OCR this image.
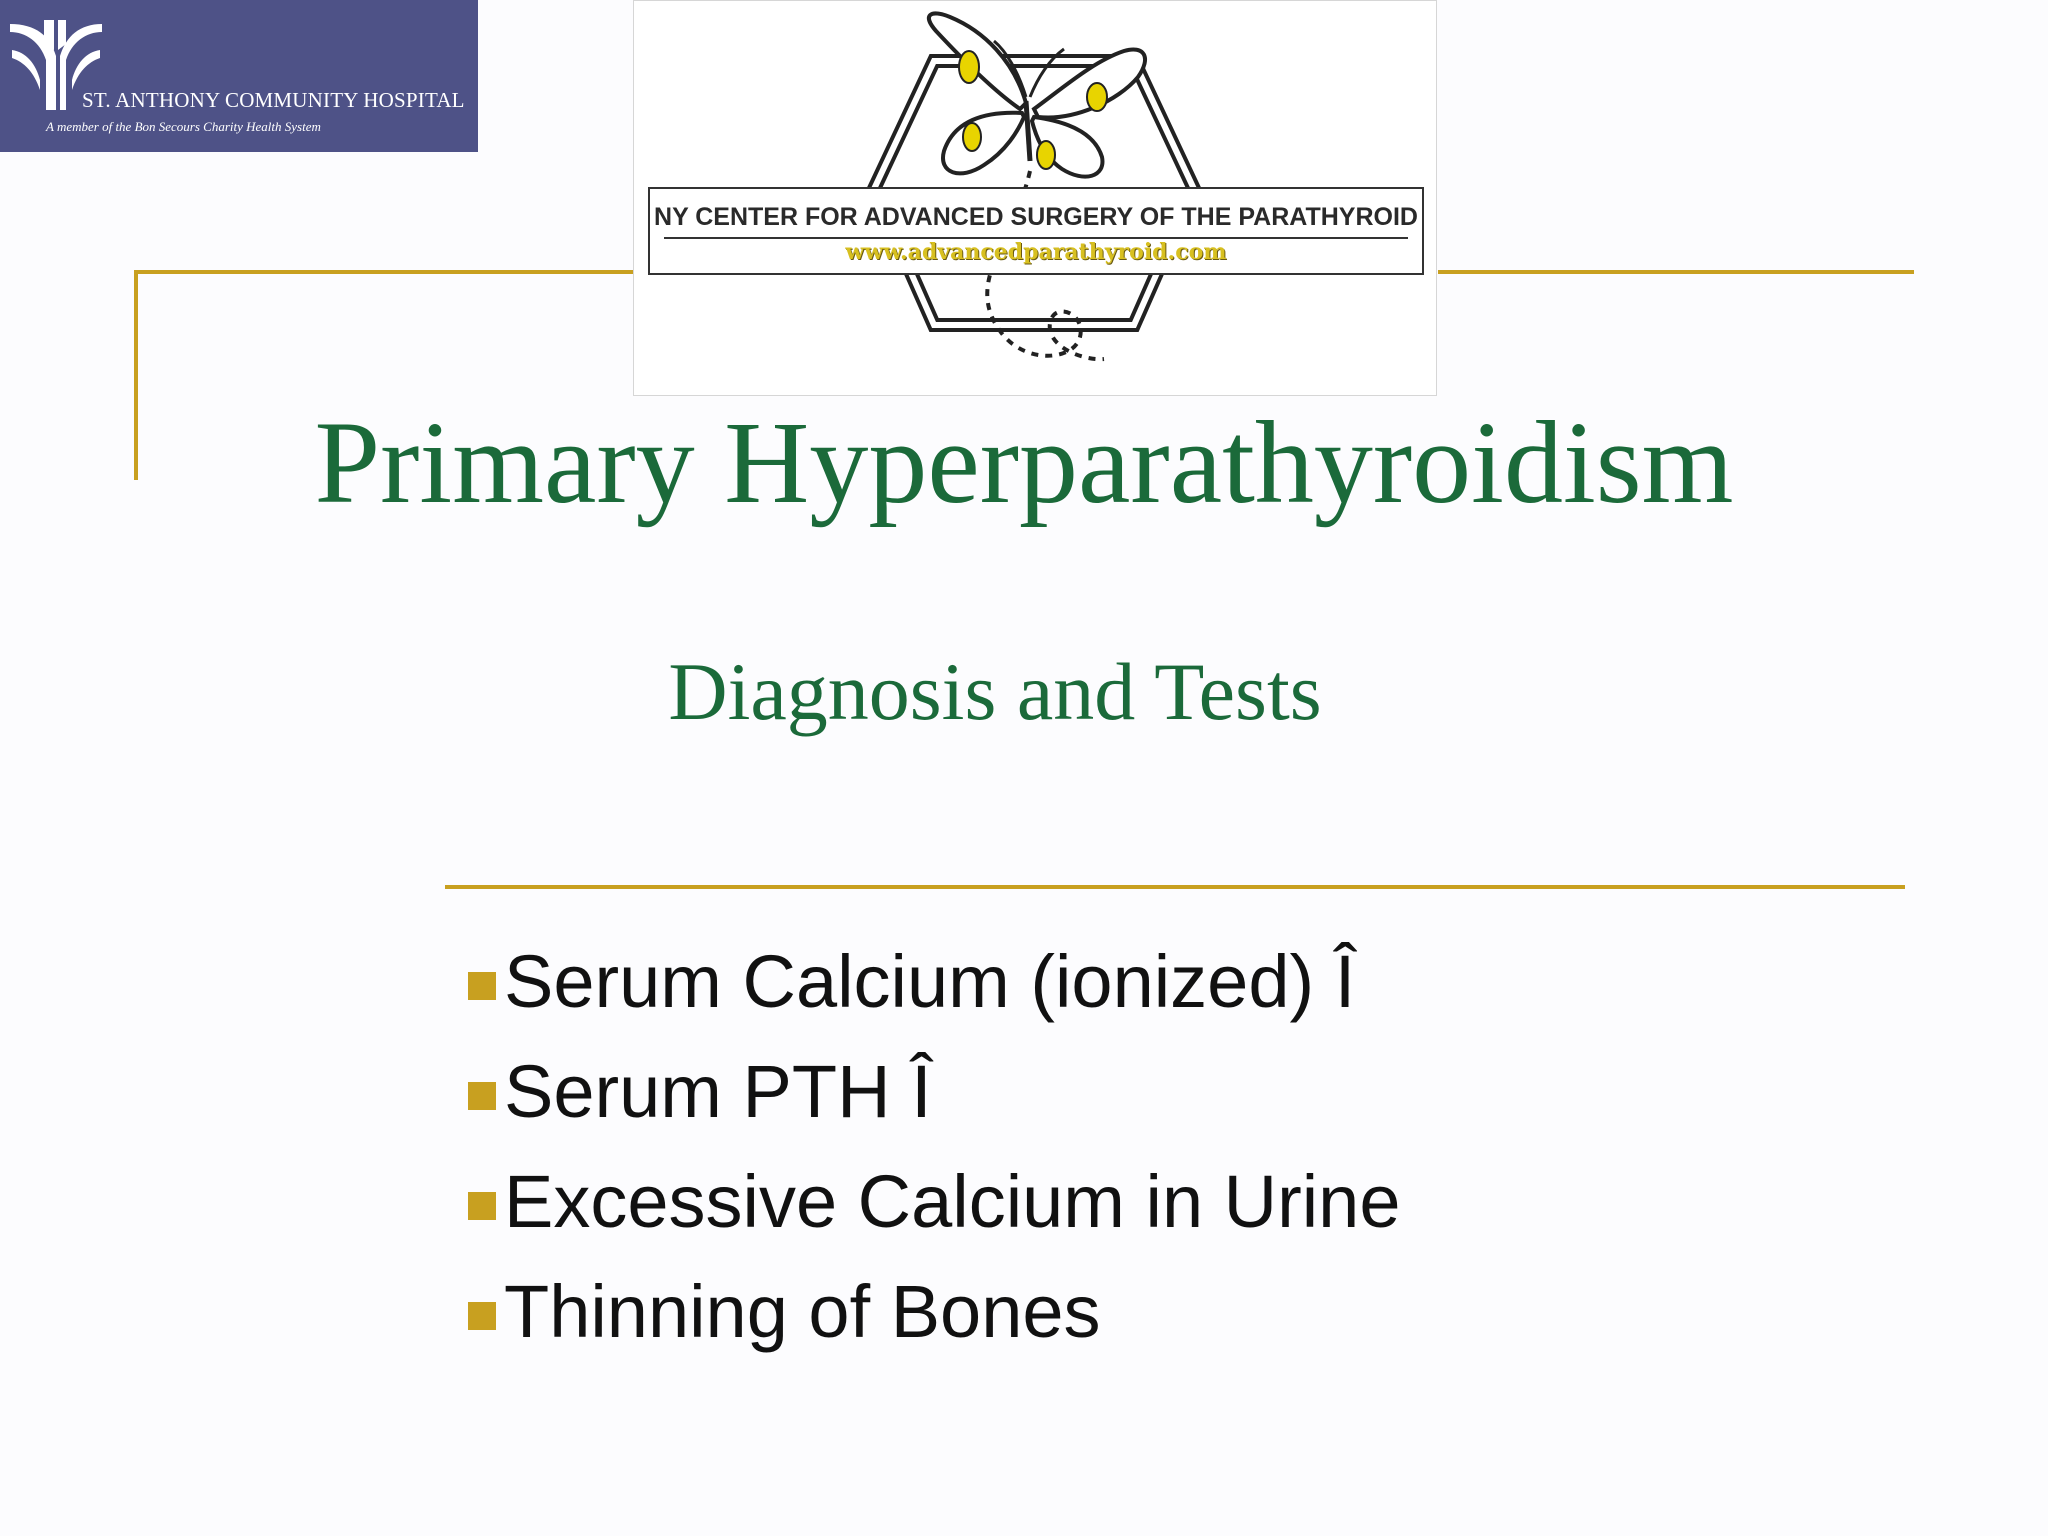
ST. ANTHONY COMMUNITY HOSPITAL
A member of the Bon Secours Charity Health System
NY CENTER FOR ADVANCED SURGERY OF THE PARATHYROID
www.advancedparathyroid.com
Primary Hyperparathyroidism
Diagnosis and Tests
Serum Calcium (ionized) Î
Serum PTH Î
Excessive Calcium in Urine
Thinning of Bones
